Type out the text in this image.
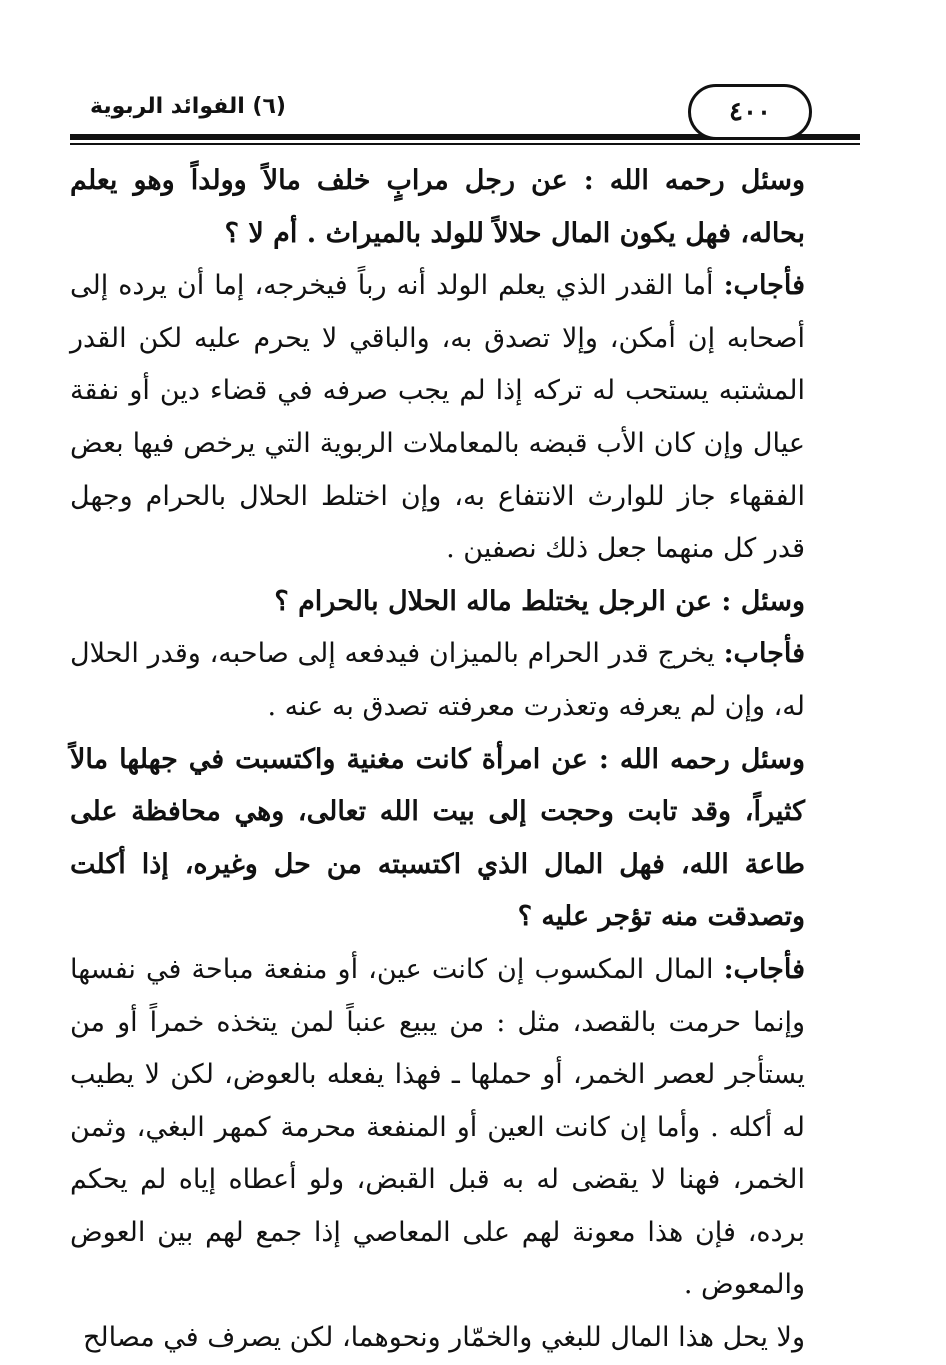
٤٠٠
(٦) الفوائد الربوية

وسئل رحمه الله : عن رجل مرابٍ خلف مالاً وولداً وهو يعلم بحاله، فهل يكون المال حلالاً للولد بالميراث . أم لا ؟

فأجاب: أما القدر الذي يعلم الولد أنه رباً فيخرجه، إما أن يرده إلى أصحابه إن أمكن، وإلا تصدق به، والباقي لا يحرم عليه لكن القدر المشتبه يستحب له تركه إذا لم يجب صرفه في قضاء دين أو نفقة عيال وإن كان الأب قبضه بالمعاملات الربوية التي يرخص فيها بعض الفقهاء جاز للوارث الانتفاع به، وإن اختلط الحلال بالحرام وجهل قدر كل منهما جعل ذلك نصفين .

وسئل : عن الرجل يختلط ماله الحلال بالحرام ؟

فأجاب: يخرج قدر الحرام بالميزان فيدفعه إلى صاحبه، وقدر الحلال له، وإن لم يعرفه وتعذرت معرفته تصدق به عنه .

وسئل رحمه الله : عن امرأة كانت مغنية واكتسبت في جهلها مالاً كثيراً، وقد تابت وحجت إلى بيت الله تعالى، وهي محافظة على طاعة الله، فهل المال الذي اكتسبته من حل وغيره، إذا أكلت وتصدقت منه تؤجر عليه ؟

فأجاب: المال المكسوب إن كانت عين، أو منفعة مباحة في نفسها وإنما حرمت بالقصد، مثل : من يبيع عنباً لمن يتخذه خمراً أو من يستأجر لعصر الخمر، أو حملها ـ فهذا يفعله بالعوض، لكن لا يطيب له أكله . وأما إن كانت العين أو المنفعة محرمة كمهر البغي، وثمن الخمر، فهنا لا يقضى له به قبل القبض، ولو أعطاه إياه لم يحكم برده، فإن هذا معونة لهم على المعاصي إذا جمع لهم بين العوض والمعوض .

ولا يحل هذا المال للبغي والخمّار ونحوهما، لكن يصرف في مصالح
